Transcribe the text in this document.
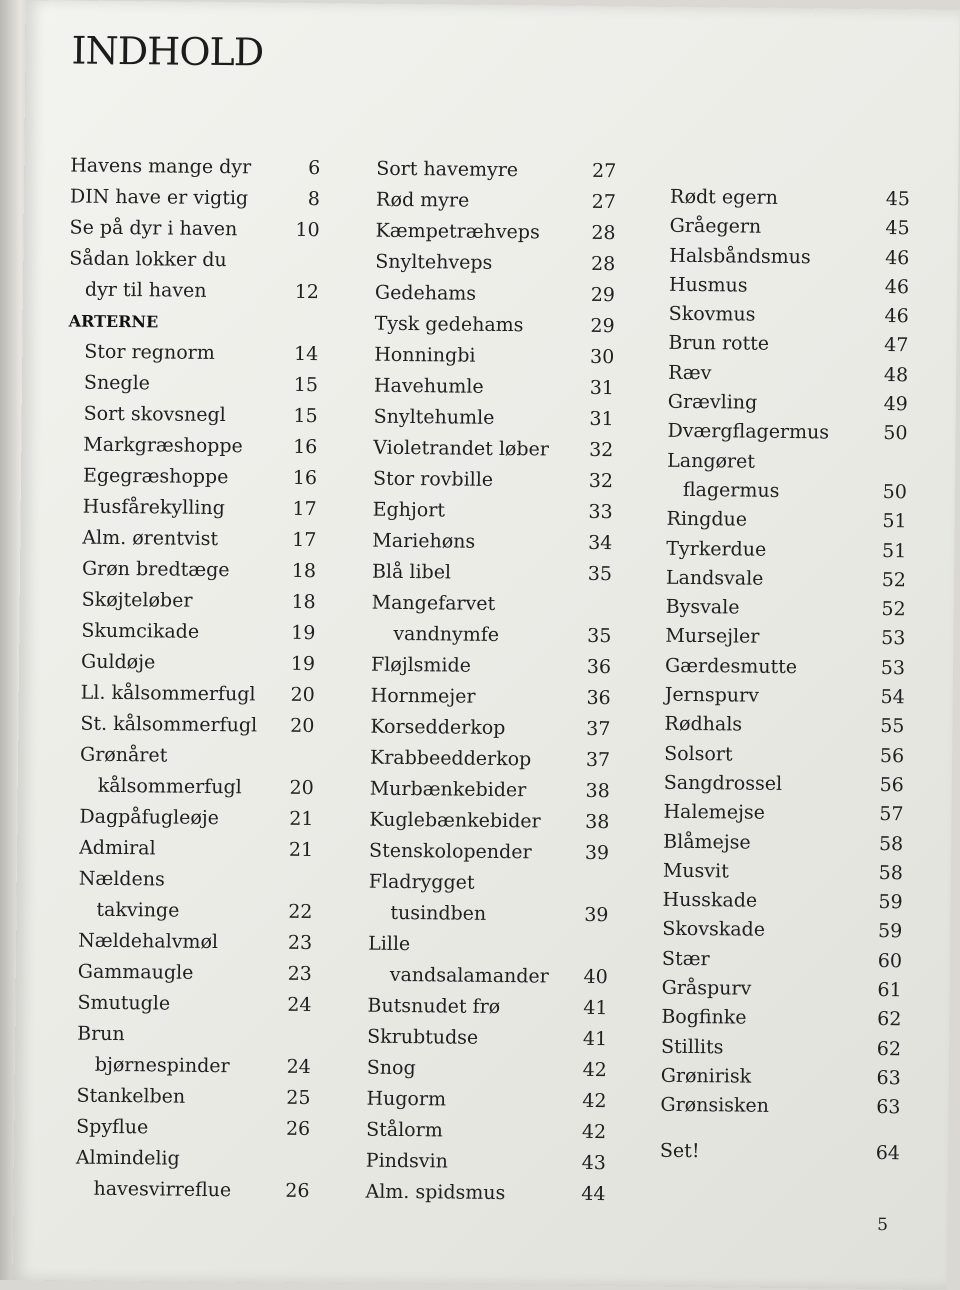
INDHOLD
Havens mange dyr	6
DIN have er vigtig	8
Se på dyr i haven	10
Sådan lokker du
dyr til haven	12
ARTERNE
Stor regnorm	14
Snegle	15
Sort skovsnegl	15
Markgræshoppe	16
Egegræshoppe	16
Husfårekylling	17
Alm. ørentvist	17
Grøn bredtæge	18
Skøjteløber	18
Skumcikade	19
Guldøje	19
Ll. kålsommerfugl 20
St. kålsommerfugl 20
Grønåret
kålsommerfugl	20
Dagpåfugleøje	21
Admiral	21
Nældens
takvinge	22
Nældehalvmøl	23
Gammaugle	23
Smutugle	24
Brun
bjørnespinder	24
Stankelben	25
Spyflue	26
Almindelig
havesvirreflue	26
Sort havemyre	27
Rød myre	27
Kæmpetræhveps	28
Snyltehveps	28
Gedehams	29
Tysk gedehams	29
Honningbi	30
Havehumle	31
Snyltehumle	31
Violetrandet løber 32
Stor rovbille	32
Eghjort	33
Mariehøns	34
Blå libel	35
Mangefarvet
vandnymfe	35
Fløjlsmide	36
Hornmejer	36
Korsedderkop	37
Krabbeedderkop	37
Murbænkebider	38
Kuglebænkebider 38
Stenskolopender	39
Fladrygget
tusindben	39
Lille
vandsalamander 40
Butsnudet frø	41
Skrubtudse	41
Snog	42
Hugorm	42
Stålorm	42
Pindsvin	43
Alm. spidsmus	44
Rødt egern	45
Gråegern	45
Halsbåndsmus	46
Husmus	46
Skovmus	46
Brun rotte	47
Ræv	48
Grævling	49
Dværgflagermus	50
Langøret
flagermus	50
Ringdue	51
Tyrkerdue	51
Landsvale	52
Bysvale	52
Mursejler	53
Gærdesmutte	53
Jernspurv	54
Rødhals	55
Solsort	56
Sangdrossel	56
Halemejse	57
Blåmejse	58
Musvit	58
Husskade	59
Skovskade	59
Stær	60
Gråspurv	61
Bogfinke	62
Stillits	62
Grønirisk	63
Grønsisken	63
Set!	64
5
